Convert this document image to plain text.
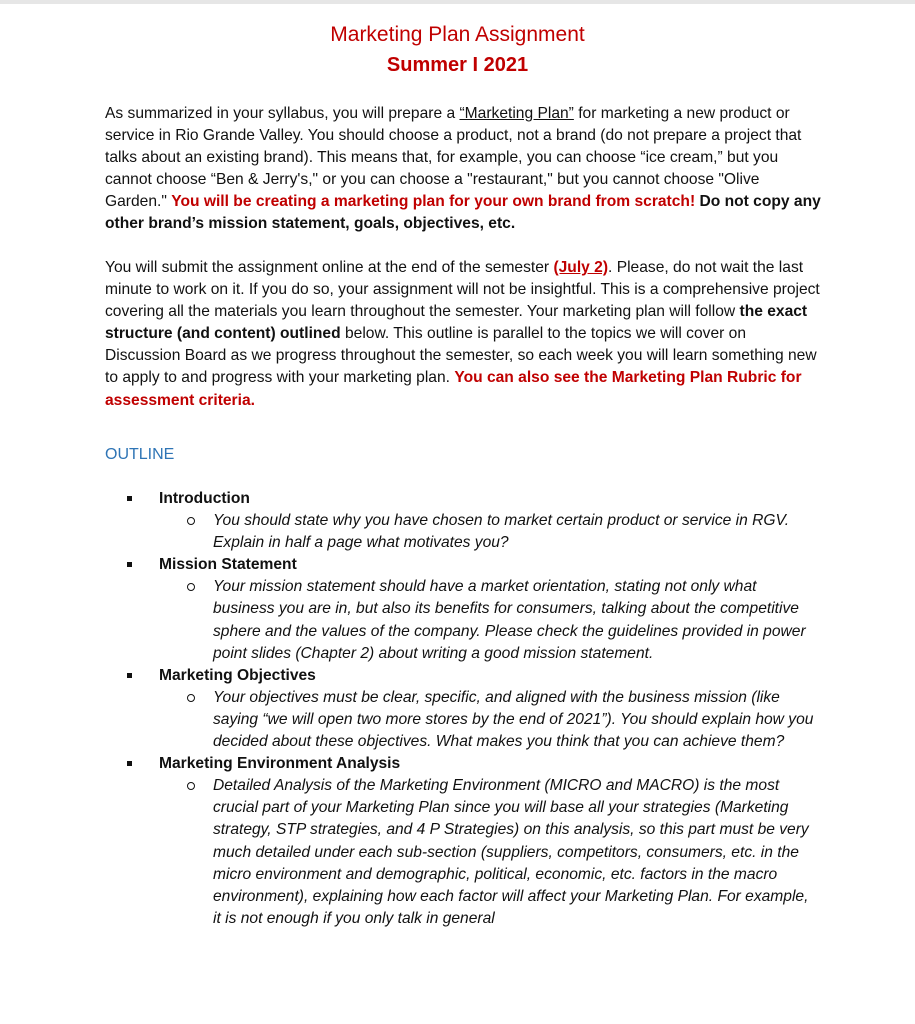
Marketing Plan Assignment
Summer I 2021
As summarized in your syllabus, you will prepare a “Marketing Plan” for marketing a new product or service in Rio Grande Valley. You should choose a product, not a brand (do not prepare a project that talks about an existing brand). This means that, for example, you can choose “ice cream,” but you cannot choose “Ben & Jerry's," or you can choose a "restaurant," but you cannot choose "Olive Garden." You will be creating a marketing plan for your own brand from scratch! Do not copy any other brand’s mission statement, goals, objectives, etc.
You will submit the assignment online at the end of the semester (July 2). Please, do not wait the last minute to work on it. If you do so, your assignment will not be insightful. This is a comprehensive project covering all the materials you learn throughout the semester. Your marketing plan will follow the exact structure (and content) outlined below. This outline is parallel to the topics we will cover on Discussion Board as we progress throughout the semester, so each week you will learn something new to apply to and progress with your marketing plan. You can also see the Marketing Plan Rubric for assessment criteria.
OUTLINE
Introduction
You should state why you have chosen to market certain product or service in RGV. Explain in half a page what motivates you?
Mission Statement
Your mission statement should have a market orientation, stating not only what business you are in, but also its benefits for consumers, talking about the competitive sphere and the values of the company. Please check the guidelines provided in power point slides (Chapter 2) about writing a good mission statement.
Marketing Objectives
Your objectives must be clear, specific, and aligned with the business mission (like saying “we will open two more stores by the end of 2021”). You should explain how you decided about these objectives. What makes you think that you can achieve them?
Marketing Environment Analysis
Detailed Analysis of the Marketing Environment (MICRO and MACRO) is the most crucial part of your Marketing Plan since you will base all your strategies (Marketing strategy, STP strategies, and 4 P Strategies) on this analysis, so this part must be very much detailed under each sub-section (suppliers, competitors, consumers, etc. in the micro environment and demographic, political, economic, etc. factors in the macro environment), explaining how each factor will affect your Marketing Plan. For example, it is not enough if you only talk in general
